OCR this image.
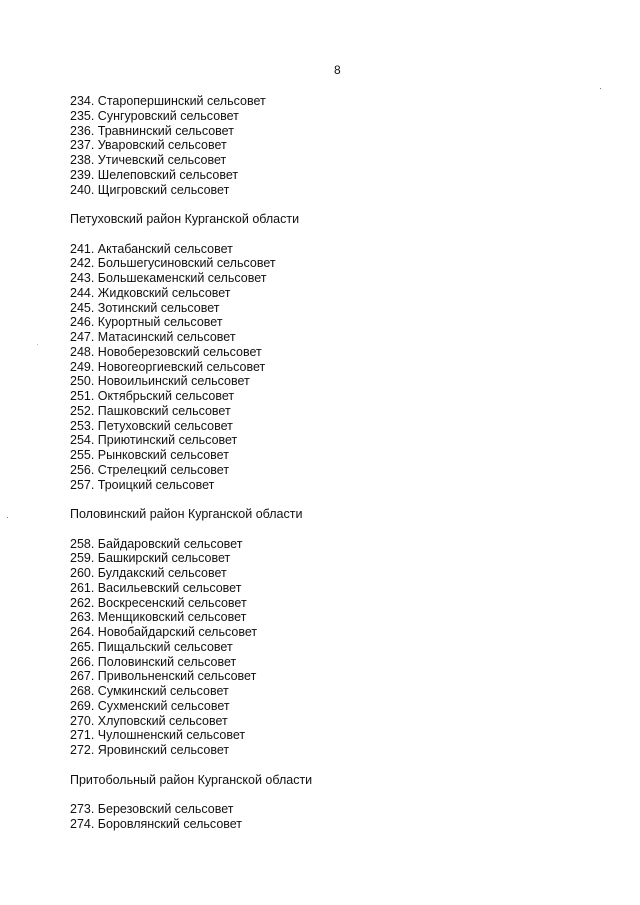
8
234. Старопершинский сельсовет
235. Сунгуровский сельсовет
236. Травнинский сельсовет
237. Уваровский сельсовет
238. Утичевский сельсовет
239. Шелеповский сельсовет
240. Щигровский сельсовет
Петуховский район Курганской области
241. Актабанский сельсовет
242. Большегусиновский сельсовет
243. Большекаменский сельсовет
244. Жидковский сельсовет
245. Зотинский сельсовет
246. Курортный сельсовет
247. Матасинский сельсовет
248. Новоберезовский сельсовет
249. Новогеоргиевский сельсовет
250. Новоильинский сельсовет
251. Октябрьский сельсовет
252. Пашковский сельсовет
253. Петуховский сельсовет
254. Приютинский сельсовет
255. Рынковский сельсовет
256. Стрелецкий сельсовет
257. Троицкий сельсовет
Половинский район Курганской области
258. Байдаровский сельсовет
259. Башкирский сельсовет
260. Булдакский сельсовет
261. Васильевский сельсовет
262. Воскресенский сельсовет
263. Менщиковский сельсовет
264. Новобайдарский сельсовет
265. Пищальский сельсовет
266. Половинский сельсовет
267. Привольненский сельсовет
268. Сумкинский сельсовет
269. Сухменский сельсовет
270. Хлуповский сельсовет
271. Чулошненский сельсовет
272. Яровинский сельсовет
Притобольный район Курганской области
273. Березовский сельсовет
274. Боровлянский сельсовет
